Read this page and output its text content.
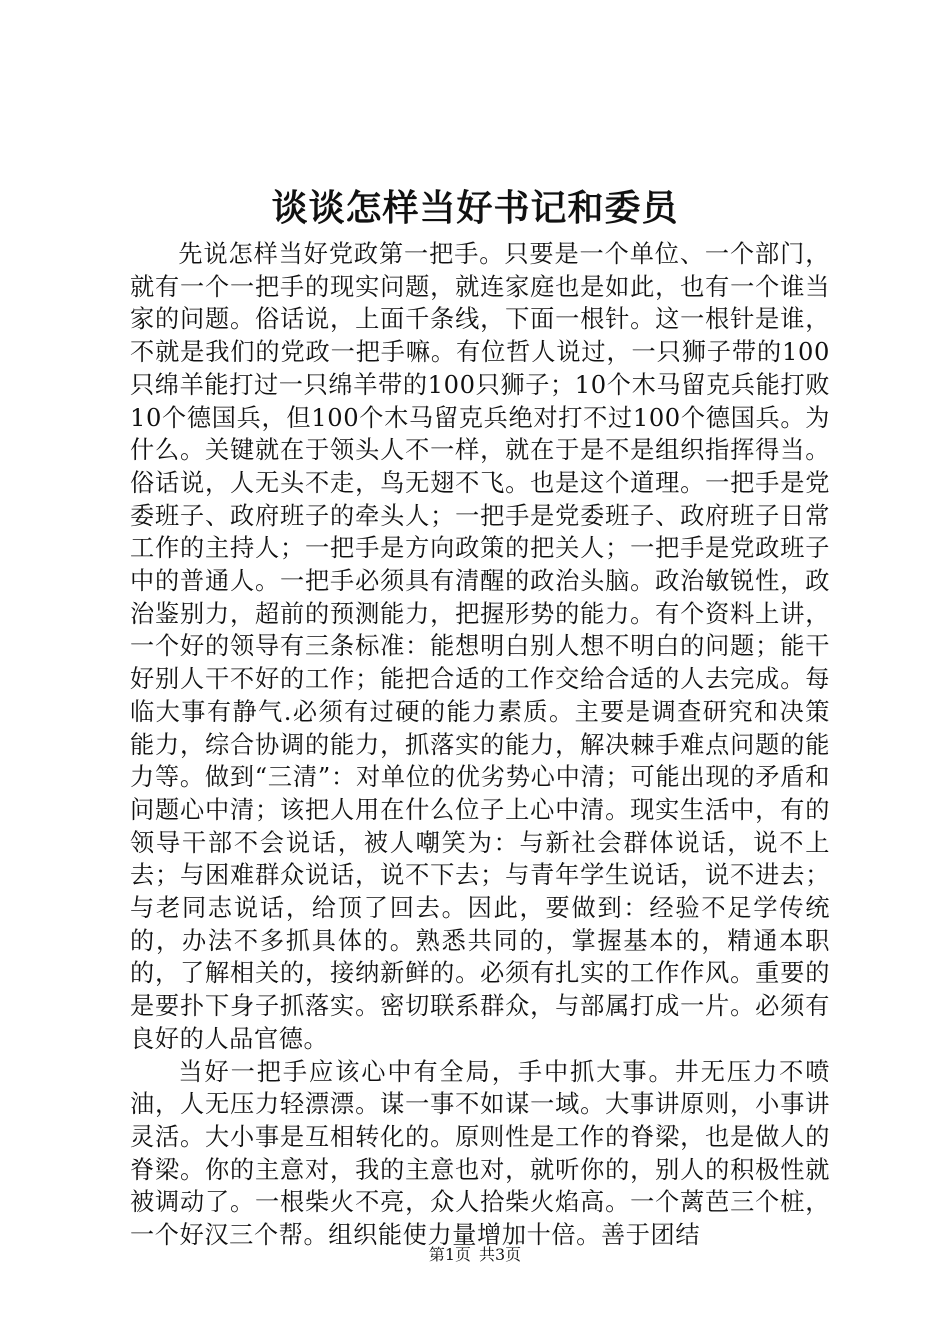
谈谈怎样当好书记和委员

先说怎样当好党政第一把手。只要是一个单位、一个部门，就有一个一把手的现实问题，就连家庭也是如此，也有一个谁当家的问题。俗话说，上面千条线，下面一根针。这一根针是谁，不就是我们的党政一把手嘛。有位哲人说过，一只狮子带的100只绵羊能打过一只绵羊带的100只狮子；10个木马留克兵能打败10个德国兵，但100个木马留克兵绝对打不过100个德国兵。为什么。关键就在于领头人不一样，就在于是不是组织指挥得当。俗话说，人无头不走，鸟无翅不飞。也是这个道理。一把手是党委班子、政府班子的牵头人；一把手是党委班子、政府班子日常工作的主持人；一把手是方向政策的把关人；一把手是党政班子中的普通人。一把手必须具有清醒的政治头脑。政治敏锐性，政治鉴别力，超前的预测能力，把握形势的能力。有个资料上讲，一个好的领导有三条标准：能想明白别人想不明白的问题；能干好别人干不好的工作；能把合适的工作交给合适的人去完成。每临大事有静气.必须有过硬的能力素质。主要是调查研究和决策能力，综合协调的能力，抓落实的能力，解决棘手难点问题的能力等。做到“三清”：对单位的优劣势心中清；可能出现的矛盾和问题心中清；该把人用在什么位子上心中清。现实生活中，有的领导干部不会说话，被人嘲笑为：与新社会群体说话，说不上去；与困难群众说话，说不下去；与青年学生说话，说不进去；与老同志说话，给顶了回去。因此，要做到：经验不足学传统的，办法不多抓具体的。熟悉共同的，掌握基本的，精通本职的，了解相关的，接纳新鲜的。必须有扎实的工作作风。重要的是要扑下身子抓落实。密切联系群众，与部属打成一片。必须有良好的人品官德。

当好一把手应该心中有全局，手中抓大事。井无压力不喷油，人无压力轻漂漂。谋一事不如谋一域。大事讲原则，小事讲灵活。大小事是互相转化的。原则性是工作的脊梁，也是做人的脊梁。你的主意对，我的主意也对，就听你的，别人的积极性就被调动了。一根柴火不亮，众人拾柴火焰高。一个蓠芭三个桩，一个好汉三个帮。组织能使力量增加十倍。善于团结

第1页 共3页
